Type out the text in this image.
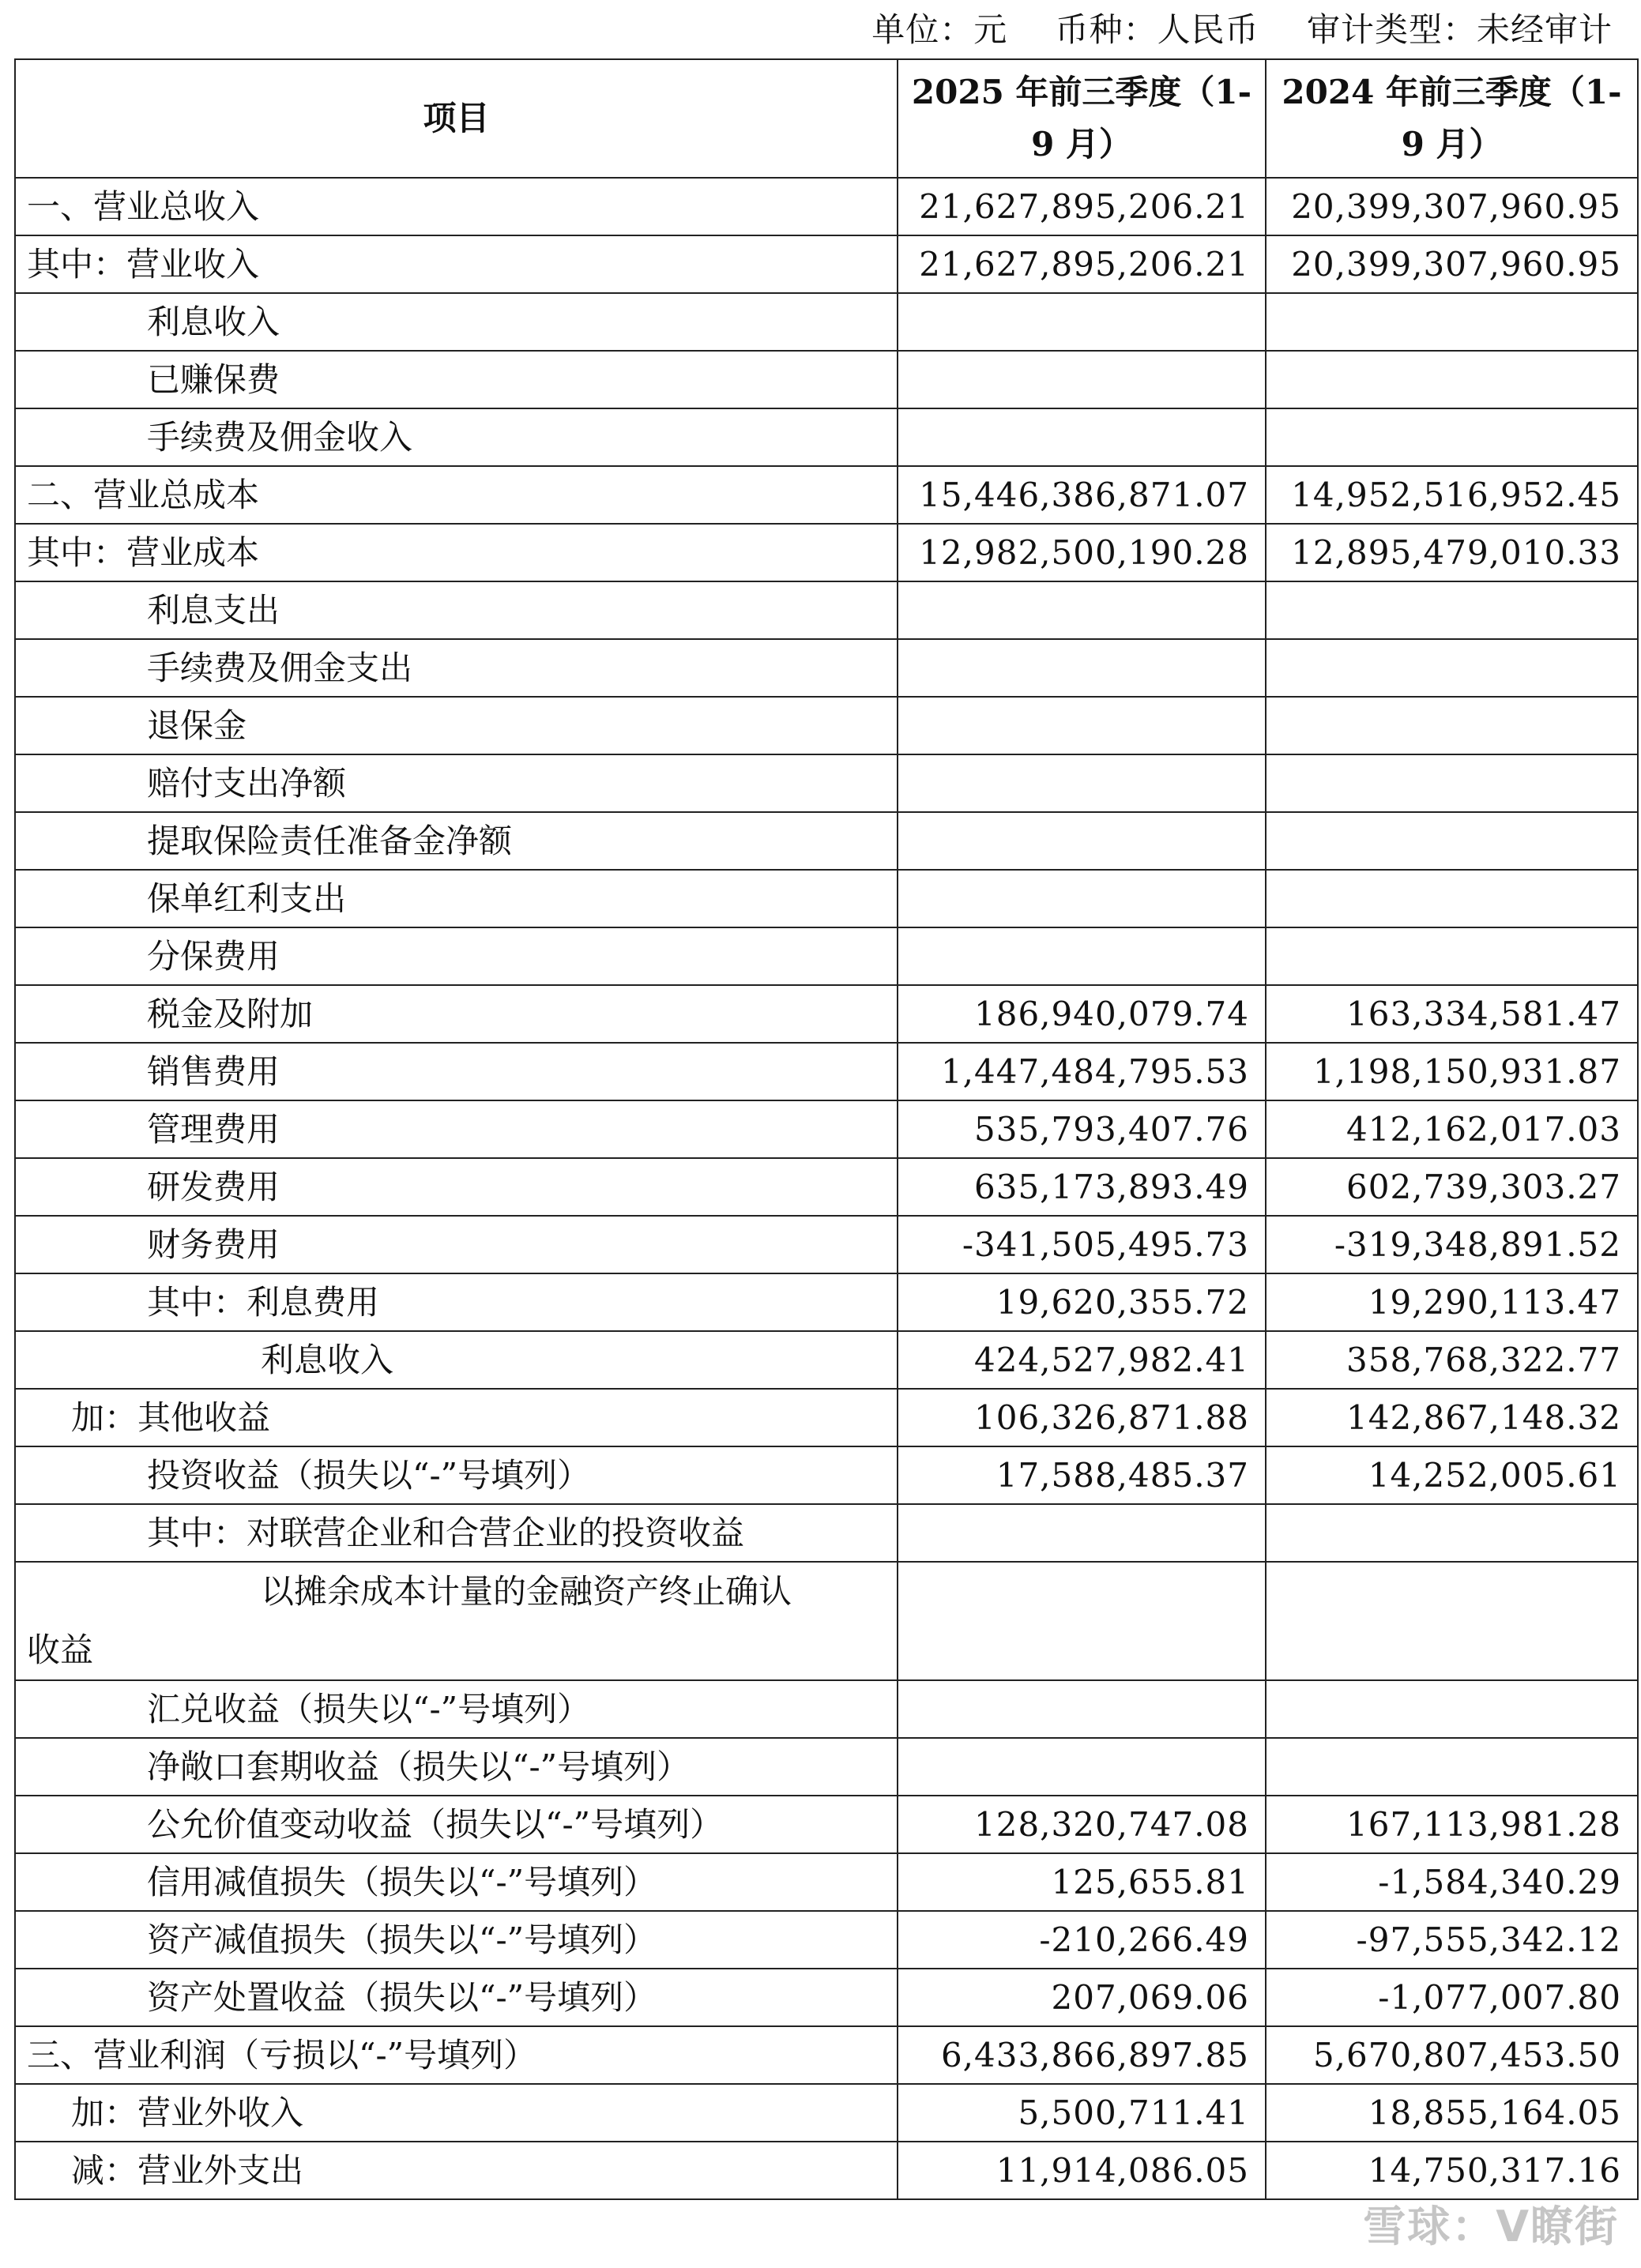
单位：元 币种：人民币 审计类型：未经审计
项目	2025 年前三季度（1-9 月）	2024 年前三季度（1-9 月）
一、营业总收入	21,627,895,206.21	20,399,307,960.95
其中：营业收入	21,627,895,206.21	20,399,307,960.95
利息收入		
已赚保费		
手续费及佣金收入		
二、营业总成本	15,446,386,871.07	14,952,516,952.45
其中：营业成本	12,982,500,190.28	12,895,479,010.33
利息支出		
手续费及佣金支出		
退保金		
赔付支出净额		
提取保险责任准备金净额		
保单红利支出		
分保费用		
税金及附加	186,940,079.74	163,334,581.47
销售费用	1,447,484,795.53	1,198,150,931.87
管理费用	535,793,407.76	412,162,017.03
研发费用	635,173,893.49	602,739,303.27
财务费用	-341,505,495.73	-319,348,891.52
其中：利息费用	19,620,355.72	19,290,113.47
利息收入	424,527,982.41	358,768,322.77
加：其他收益	106,326,871.88	142,867,148.32
投资收益（损失以“-”号填列）	17,588,485.37	14,252,005.61
其中：对联营企业和合营企业的投资收益		

以摊余成本计量的金融资产终止确认
收益		

汇兑收益（损失以“-”号填列）		
净敞口套期收益（损失以“-”号填列）		
公允价值变动收益（损失以“-”号填列）	128,320,747.08	167,113,981.28
信用减值损失（损失以“-”号填列）	125,655.81	-1,584,340.29
资产减值损失（损失以“-”号填列）	-210,266.49	-97,555,342.12
资产处置收益（损失以“-”号填列）	207,069.06	-1,077,007.80
三、营业利润（亏损以“-”号填列）	6,433,866,897.85	5,670,807,453.50
加：营业外收入	5,500,711.41	18,855,164.05
减：营业外支出	11,914,086.05	14,750,317.16
雪球：V瞭街
